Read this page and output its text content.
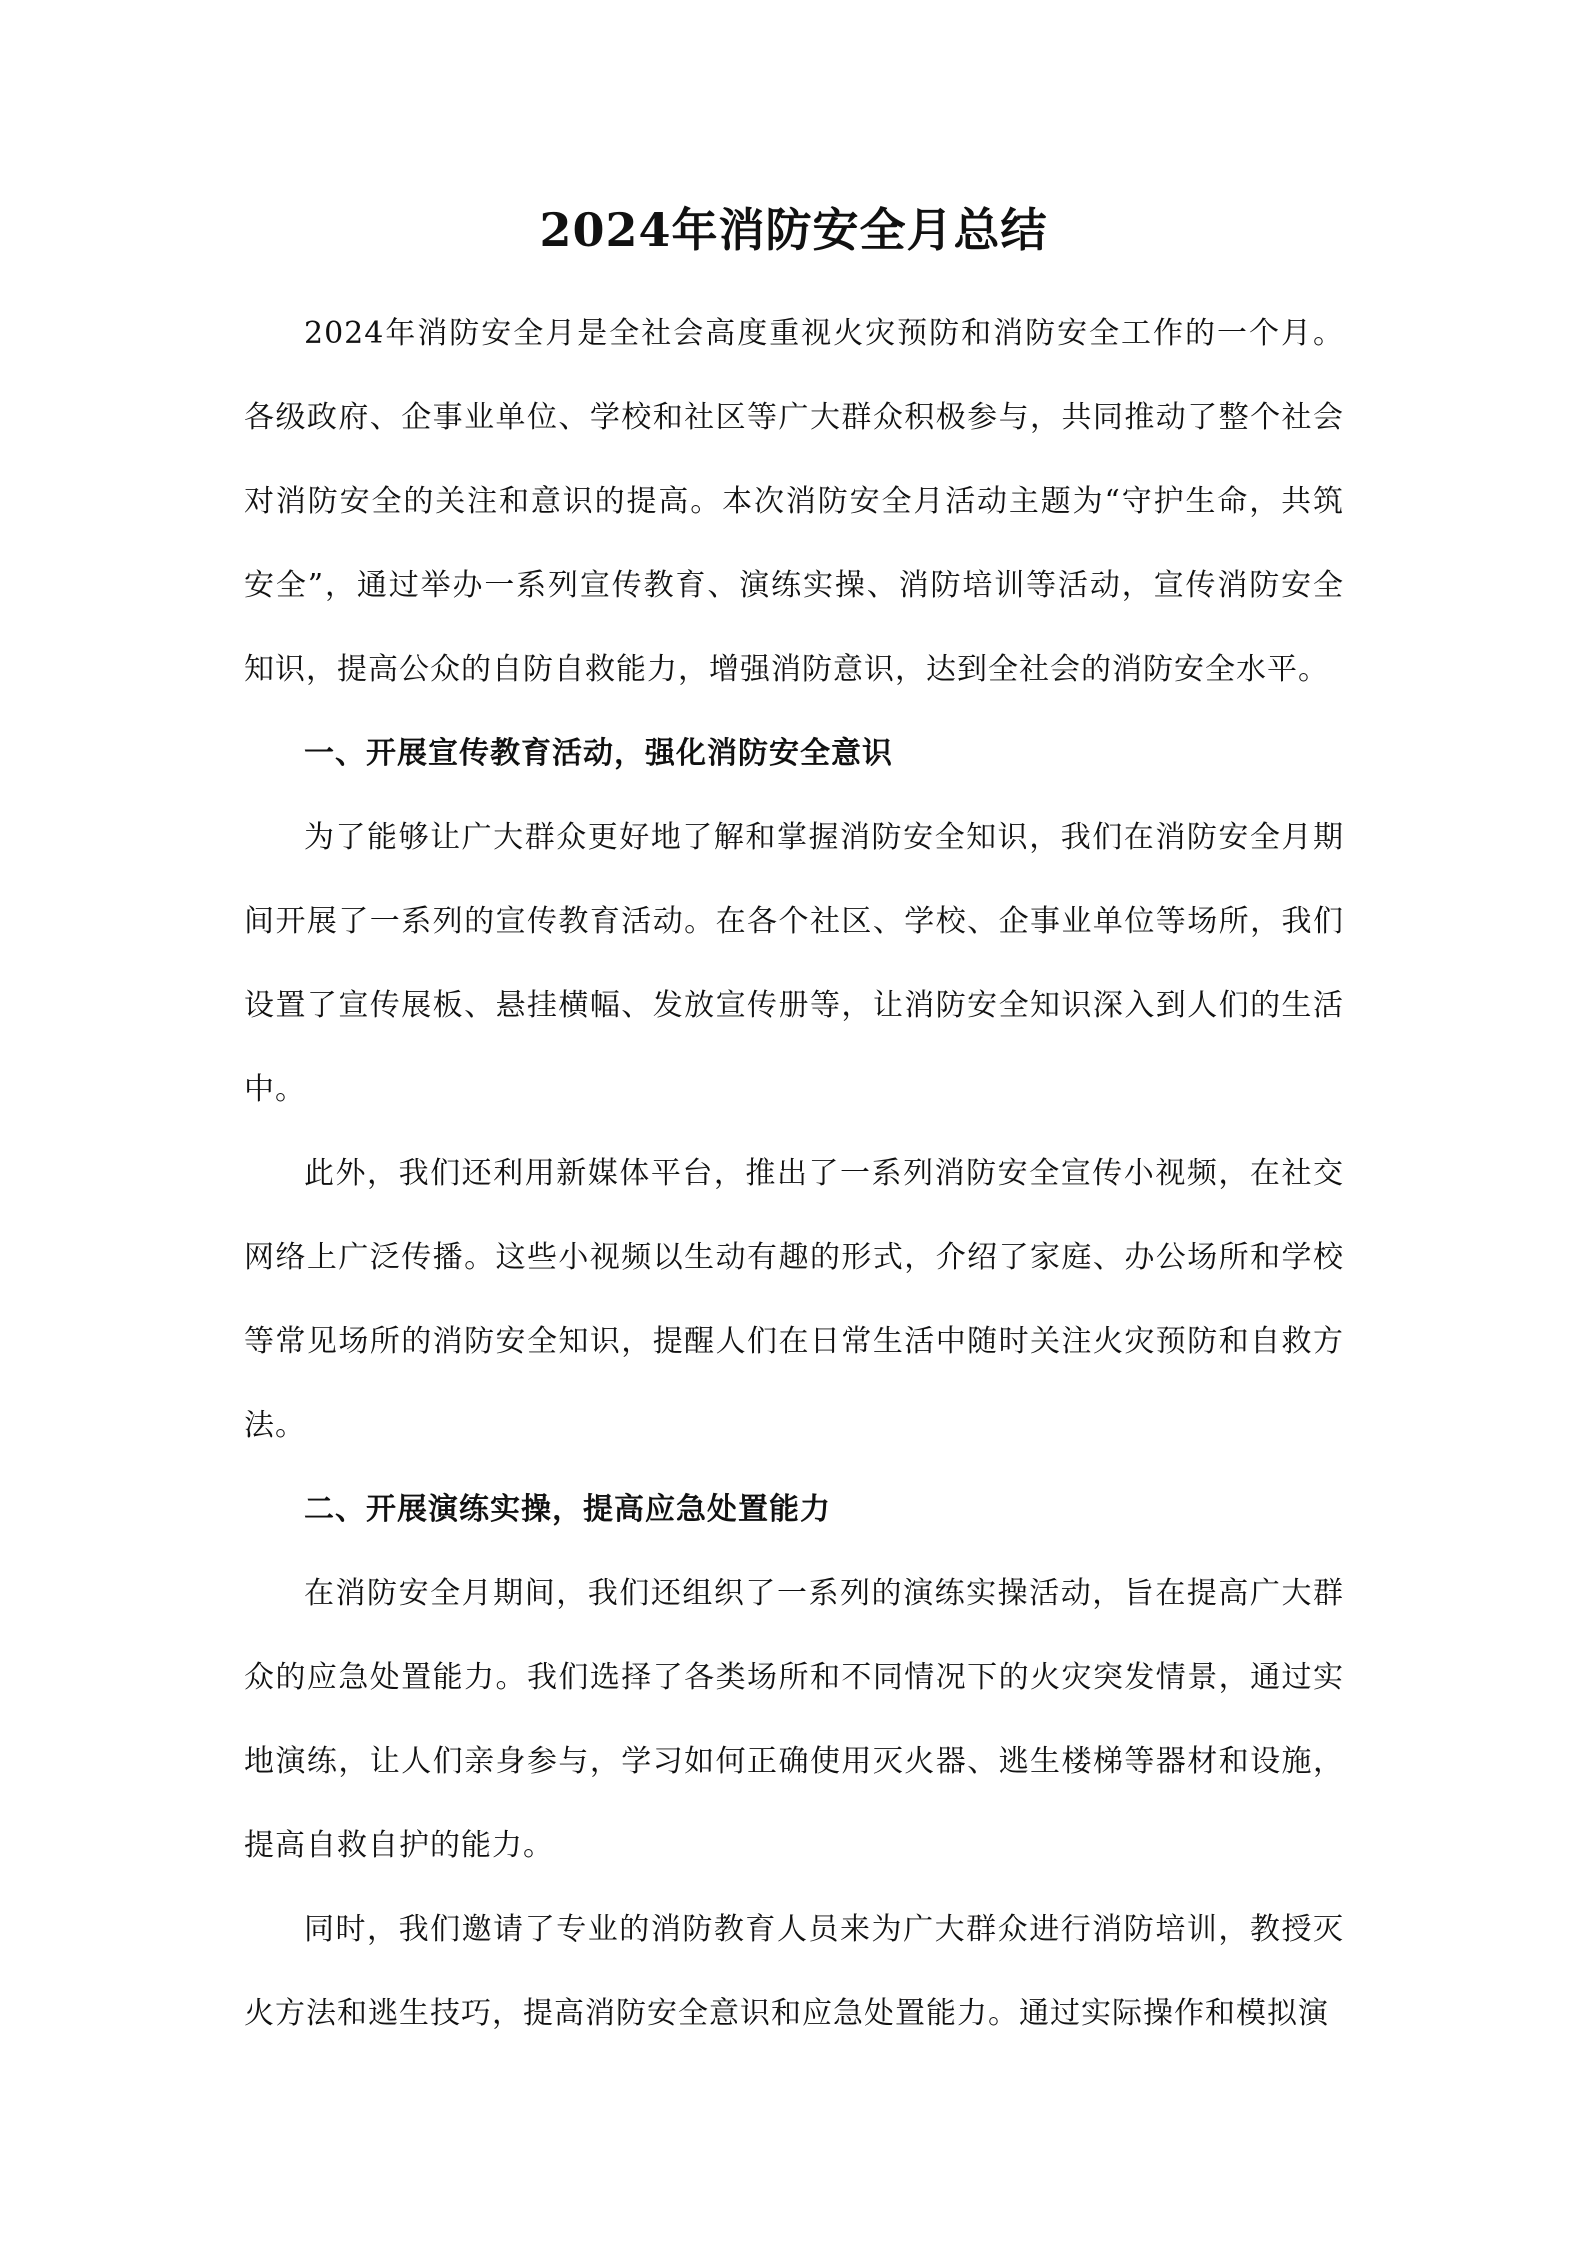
2024年消防安全月总结

2024年消防安全月是全社会高度重视火灾预防和消防安全工作的一个月。各级政府、企事业单位、学校和社区等广大群众积极参与，共同推动了整个社会对消防安全的关注和意识的提高。本次消防安全月活动主题为“守护生命，共筑安全”，通过举办一系列宣传教育、演练实操、消防培训等活动，宣传消防安全知识，提高公众的自防自救能力，增强消防意识，达到全社会的消防安全水平。

一、开展宣传教育活动，强化消防安全意识

为了能够让广大群众更好地了解和掌握消防安全知识，我们在消防安全月期间开展了一系列的宣传教育活动。在各个社区、学校、企事业单位等场所，我们设置了宣传展板、悬挂横幅、发放宣传册等，让消防安全知识深入到人们的生活中。

此外，我们还利用新媒体平台，推出了一系列消防安全宣传小视频，在社交网络上广泛传播。这些小视频以生动有趣的形式，介绍了家庭、办公场所和学校等常见场所的消防安全知识，提醒人们在日常生活中随时关注火灾预防和自救方法。

二、开展演练实操，提高应急处置能力

在消防安全月期间，我们还组织了一系列的演练实操活动，旨在提高广大群众的应急处置能力。我们选择了各类场所和不同情况下的火灾突发情景，通过实地演练，让人们亲身参与，学习如何正确使用灭火器、逃生楼梯等器材和设施，提高自救自护的能力。

同时，我们邀请了专业的消防教育人员来为广大群众进行消防培训，教授灭火方法和逃生技巧，提高消防安全意识和应急处置能力。通过实际操作和模拟演
